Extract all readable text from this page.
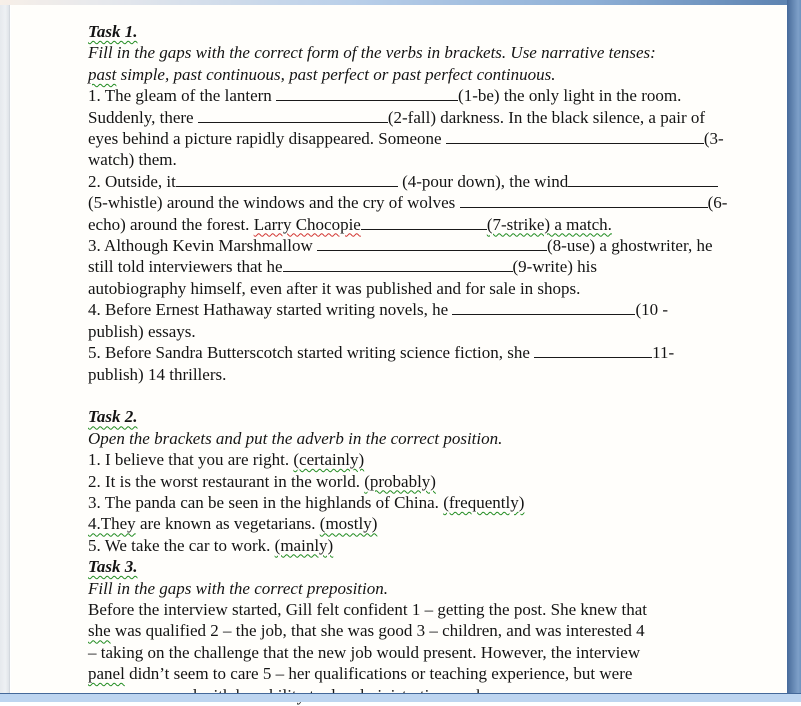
Task 1.
Fill in the gaps with the correct form of the verbs in brackets. Use narrative tenses:
past simple, past continuous, past perfect or past perfect continuous.
1. The gleam of the lantern	(1-be) the only light in the room.
Suddenly, there	(2-fall) darkness. In the black silence, a pair of
eyes behind a picture rapidly disappeared. Someone	(3-
watch) them.
2. Outside, it	(4-pour down), the wind
(5-whistle) around the windows and the cry of wolves	(6-
echo) around the forest. Larry Chocopie	(7-strike) a match.
3. Although Kevin Marshmallow	(8-use) a ghostwriter, he
still told interviewers that he	(9-write) his
autobiography himself, even after it was published and for sale in shops.
4. Before Ernest Hathaway started writing novels, he	(10 -
publish) essays.
5. Before Sandra Butterscotch started writing science fiction, she	11-
publish) 14 thrillers.
Task 2.
Open the brackets and put the adverb in the correct position.
1. I believe that you are right. (certainly)
2. It is the worst restaurant in the world. (probably)
3. The panda can be seen in the highlands of China. (frequently)
4.They are known as vegetarians. (mostly)
5. We take the car to work. (mainly)
Task 3.
Fill in the gaps with the correct preposition.
Before the interview started, Gill felt confident 1 – getting the post. She knew that
she was qualified 2 – the job, that she was good 3 – children, and was interested 4
– taking on the challenge that the new job would present. However, the interview
panel didn’t seem to care 5 – her qualifications or teaching experience, but were
